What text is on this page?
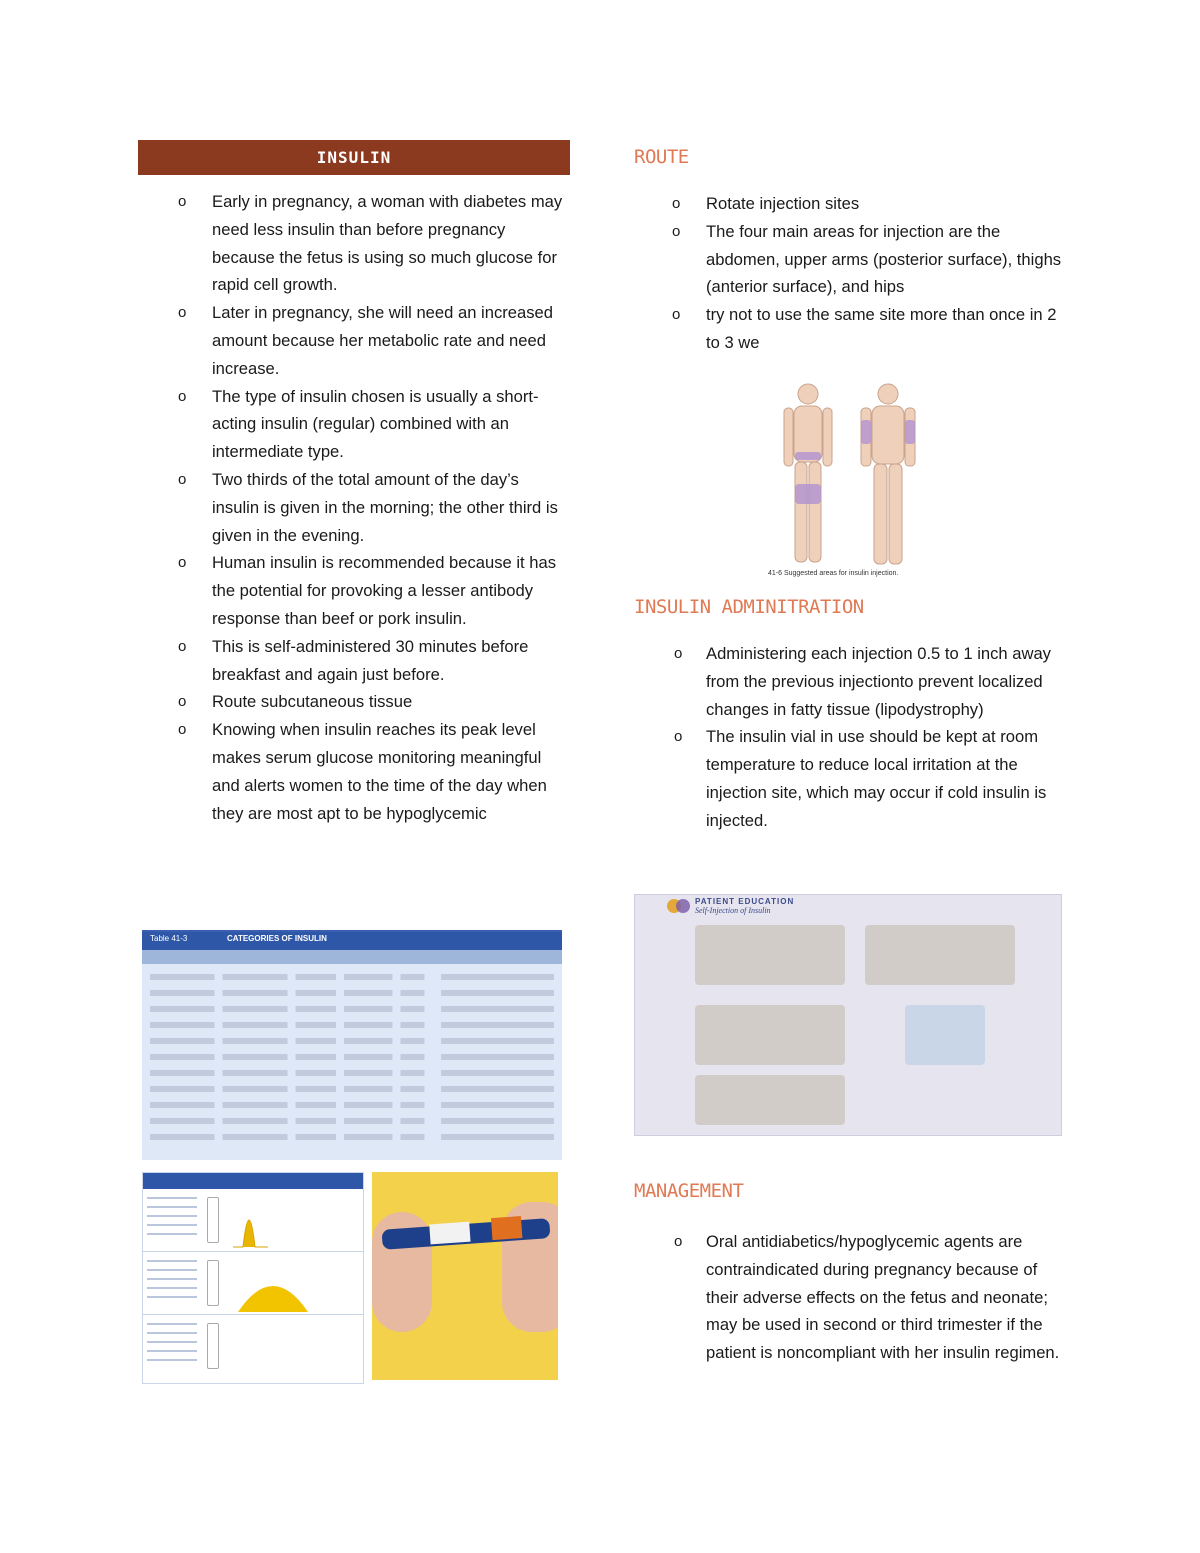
INSULIN
o Early in pregnancy, a woman with diabetes may need less insulin than before pregnancy because the fetus is using so much glucose for rapid cell growth.
o Later in pregnancy, she will need an increased amount because her metabolic rate and need increase.
o The type of insulin chosen is usually a short-acting insulin (regular) combined with an intermediate type.
o Two thirds of the total amount of the day’s insulin is given in the morning; the other third is given in the evening.
o Human insulin is recommended because it has the potential for provoking a lesser antibody response than beef or pork insulin.
o This is self-administered 30 minutes before breakfast and again just before.
o Route subcutaneous tissue
o Knowing when insulin reaches its peak level makes serum glucose monitoring meaningful and alerts women to the time of the day when they are most apt to be hypoglycemic
Table 41-3	CATEGORIES OF INSULIN
ROUTE
o Rotate injection sites
o The four main areas for injection are the abdomen, upper arms (posterior surface), thighs (anterior surface), and hips
o try not to use the same site more than once in 2 to 3 we
41-6 Suggested areas for insulin injection.
INSULIN ADMINITRATION
o Administering each injection 0.5 to 1 inch away from the previous injectionto prevent localized changes in fatty tissue (lipodystrophy)
o The insulin vial in use should be kept at room temperature to reduce local irritation at the injection site, which may occur if cold insulin is injected.
PATIENT EDUCATION
Self-Injection of Insulin
MANAGEMENT
o Oral antidiabetics/hypoglycemic agents are contraindicated during pregnancy because of their adverse effects on the fetus and neonate; may be used in second or third trimester if the patient is noncompliant with her insulin regimen.
